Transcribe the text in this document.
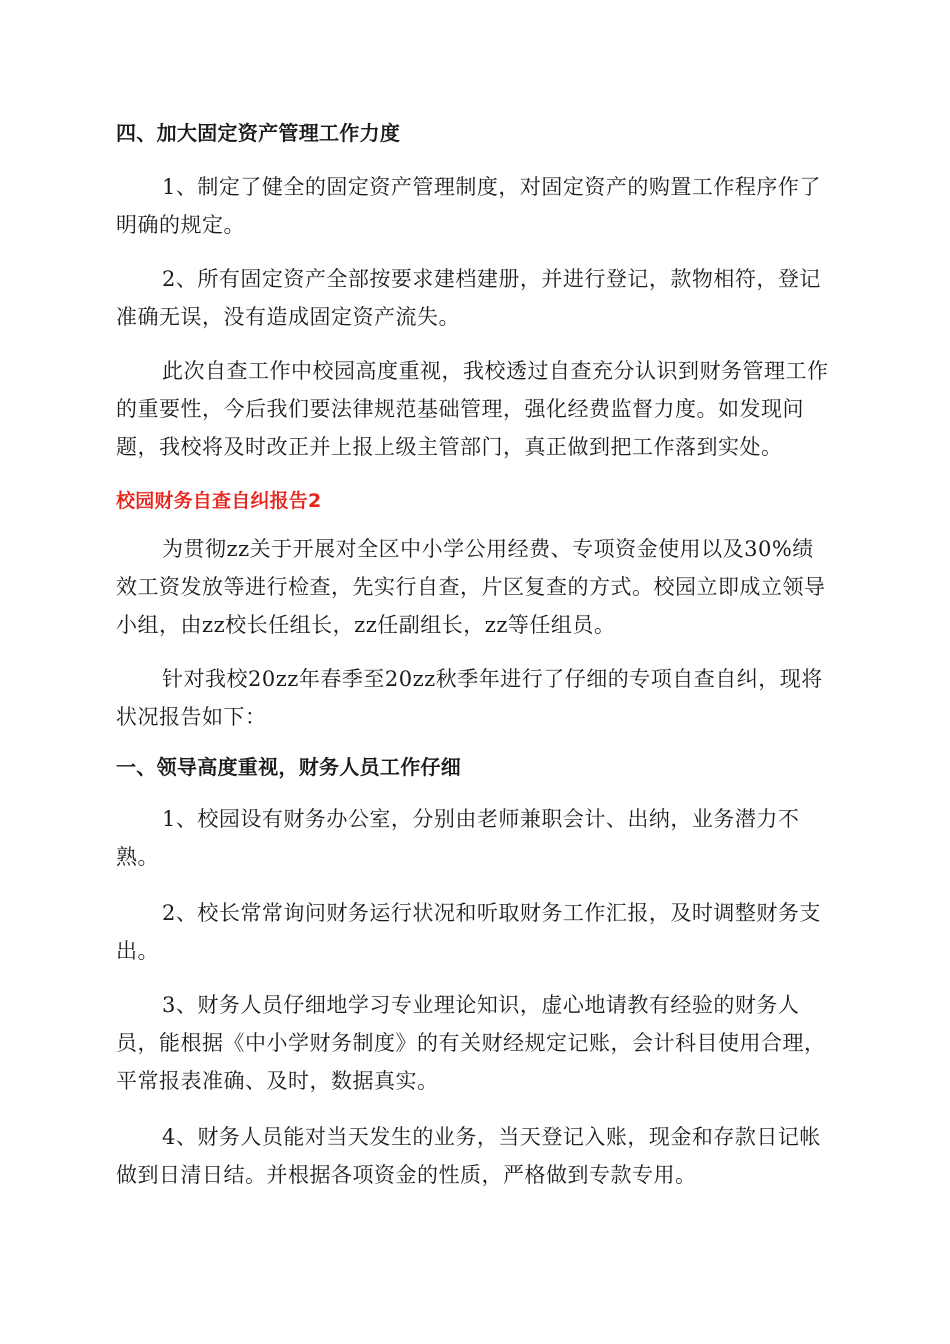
四、加大固定资产管理工作力度

1、制定了健全的固定资产管理制度，对固定资产的购置工作程序作了明确的规定。

2、所有固定资产全部按要求建档建册，并进行登记，款物相符，登记准确无误，没有造成固定资产流失。

此次自查工作中校园高度重视，我校透过自查充分认识到财务管理工作的重要性，今后我们要法律规范基础管理，强化经费监督力度。如发现问题，我校将及时改正并上报上级主管部门，真正做到把工作落到实处。

校园财务自查自纠报告2

为贯彻zz关于开展对全区中小学公用经费、专项资金使用以及30%绩效工资发放等进行检查，先实行自查，片区复查的方式。校园立即成立领导小组，由zz校长任组长，zz任副组长，zz等任组员。

针对我校20zz年春季至20zz秋季年进行了仔细的专项自查自纠，现将状况报告如下：

一、领导高度重视，财务人员工作仔细

1、校园设有财务办公室，分别由老师兼职会计、出纳，业务潜力不熟。

2、校长常常询问财务运行状况和听取财务工作汇报，及时调整财务支出。

3、财务人员仔细地学习专业理论知识，虚心地请教有经验的财务人员，能根据《中小学财务制度》的有关财经规定记账，会计科目使用合理，平常报表准确、及时，数据真实。

4、财务人员能对当天发生的业务，当天登记入账，现金和存款日记帐做到日清日结。并根据各项资金的性质，严格做到专款专用。
